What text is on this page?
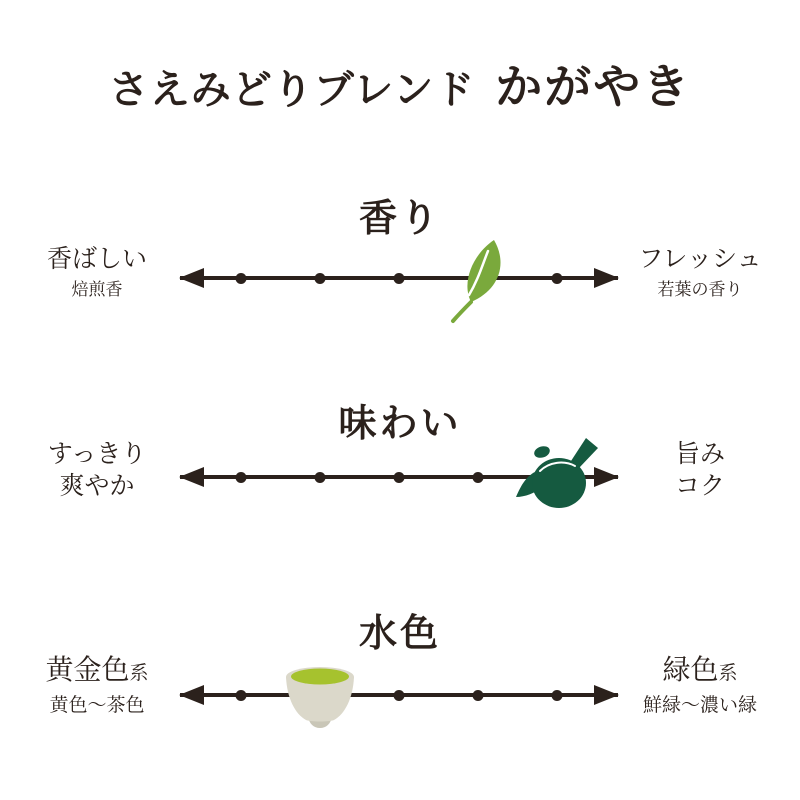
さえみどりブレンド かがやき
香り
香ばしい
焙煎香
フレッシュ
若葉の香り
味わい
すっきり
爽やか
旨み
コク
水色
黄金色系
黄色〜茶色
緑色系
鮮緑〜濃い緑
